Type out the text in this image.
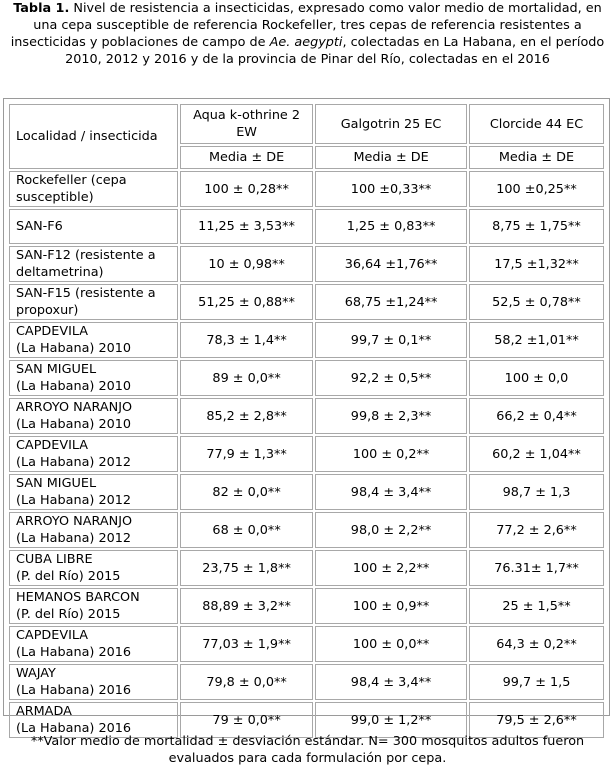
Tabla 1. Nivel de resistencia a insecticidas, expresado como valor medio de mortalidad, en una cepa susceptible de referencia Rockefeller, tres cepas de referencia resistentes a insecticidas y poblaciones de campo de Ae. aegypti, colectadas en La Habana, en el período 2010, 2012 y 2016 y de la provincia de Pinar del Río, colectadas en el 2016
Localidad / insecticida	Aqua k-othrine 2 EW	Galgotrin 25 EC	Clorcide 44 EC
	Media ± DE	Media ± DE	Media ± DE

Rockefeller (cepa
susceptible)	100 ± 0,28**	100 ±0,33**	100 ±0,25**

SAN-F6	11,25 ± 3,53**	1,25 ± 0,83**	8,75 ± 1,75**

SAN-F12 (resistente a
deltametrina)	10 ± 0,98**	36,64 ±1,76**	17,5 ±1,32**

SAN-F15 (resistente a
propoxur)	51,25 ± 0,88**	68,75 ±1,24**	52,5 ± 0,78**

CAPDEVILA
(La Habana) 2010	78,3 ± 1,4**	99,7 ± 0,1**	58,2 ±1,01**

SAN MIGUEL
(La Habana) 2010	89 ± 0,0**	92,2 ± 0,5**	100 ± 0,0

ARROYO NARANJO
(La Habana) 2010	85,2 ± 2,8**	99,8 ± 2,3**	66,2 ± 0,4**

CAPDEVILA
(La Habana) 2012	77,9 ± 1,3**	100 ± 0,2**	60,2 ± 1,04**

SAN MIGUEL
(La Habana) 2012	82 ± 0,0**	98,4 ± 3,4**	98,7 ± 1,3

ARROYO NARANJO
(La Habana) 2012	68 ± 0,0**	98,0 ± 2,2**	77,2 ± 2,6**

CUBA LIBRE
(P. del Río) 2015	23,75 ± 1,8**	100 ± 2,2**	76.31± 1,7**

HEMANOS BARCON
(P. del Río) 2015	88,89 ± 3,2**	100 ± 0,9**	25 ± 1,5**

CAPDEVILA
(La Habana) 2016	77,03 ± 1,9**	100 ± 0,0**	64,3 ± 0,2**

WAJAY
(La Habana) 2016	79,8 ± 0,0**	98,4 ± 3,4**	99,7 ± 1,5

ARMADA
(La Habana) 2016	79 ± 0,0**	99,0 ± 1,2**	79,5 ± 2,6**
**Valor medio de mortalidad ± desviación estándar. N= 300 mosquitos adultos fueron evaluados para cada formulación por cepa.
